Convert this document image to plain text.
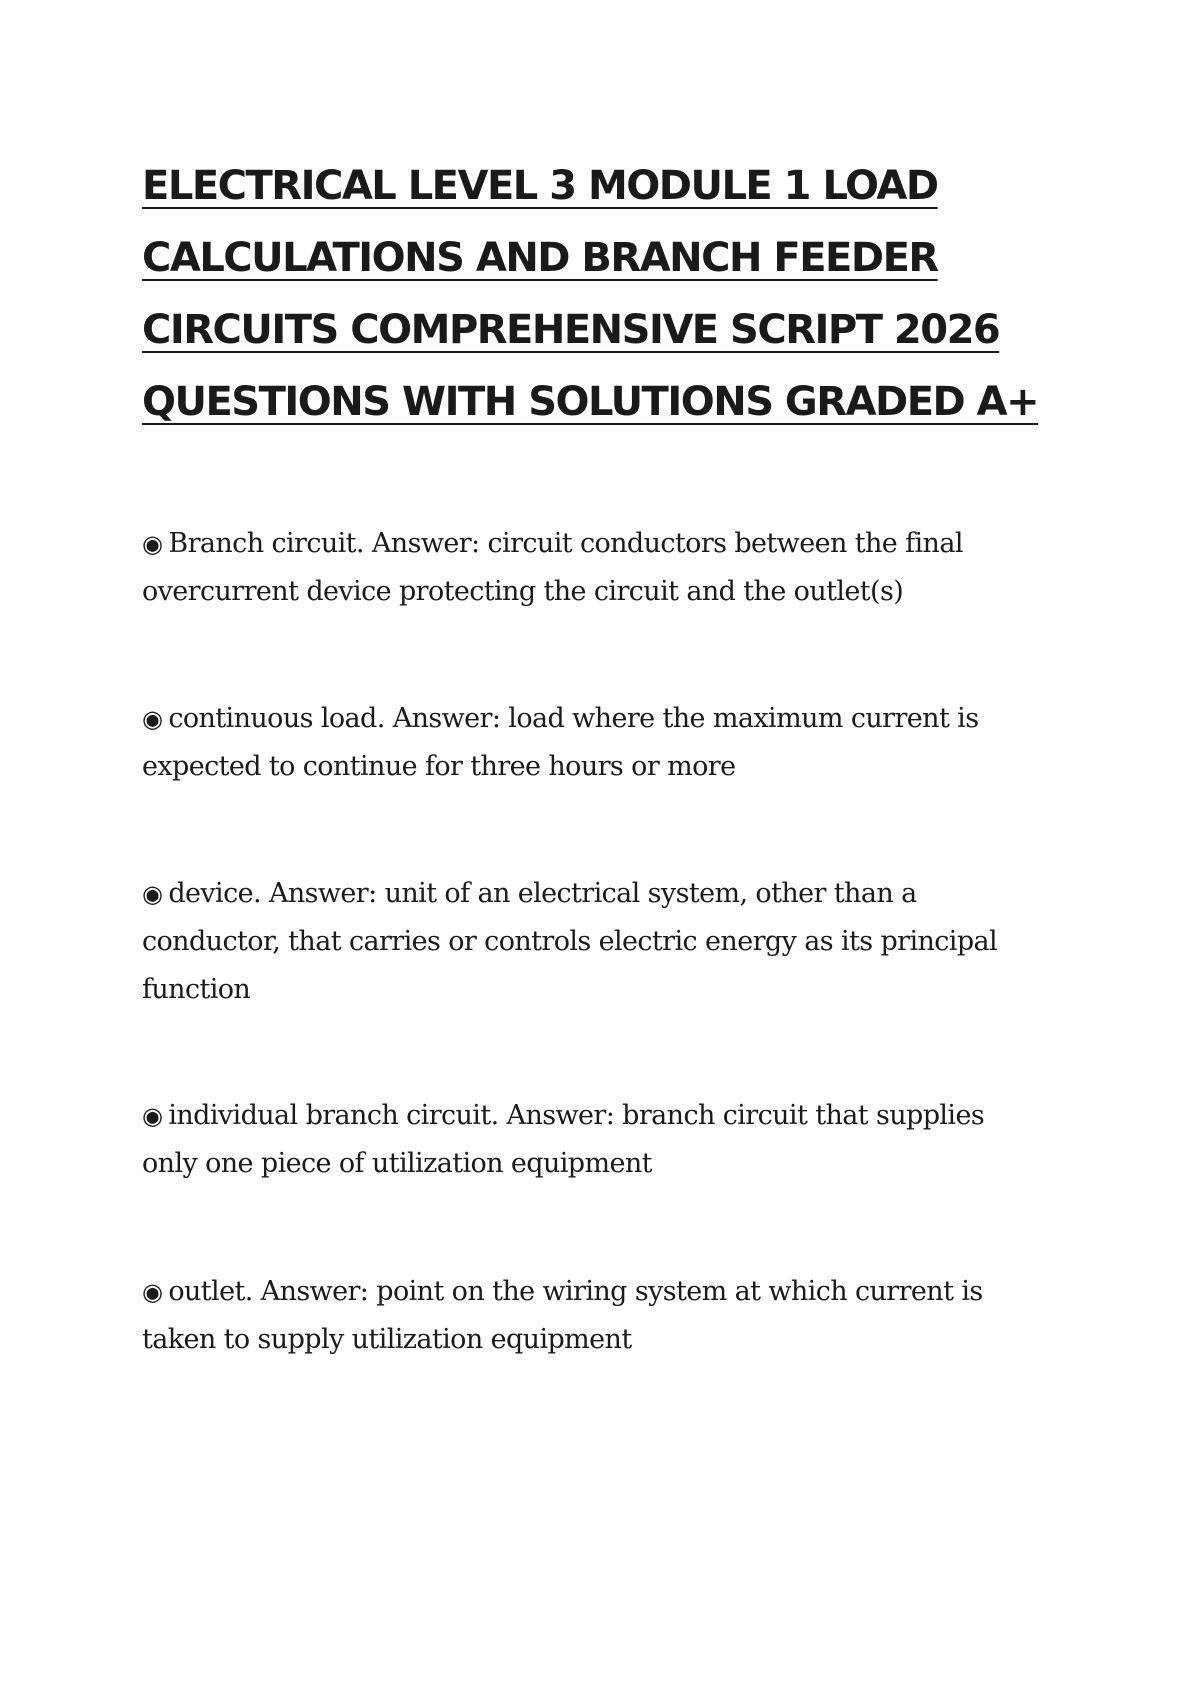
ELECTRICAL LEVEL 3 MODULE 1 LOAD
CALCULATIONS AND BRANCH FEEDER
CIRCUITS COMPREHENSIVE SCRIPT 2026
QUESTIONS WITH SOLUTIONS GRADED A+

◉ Branch circuit. Answer: circuit conductors between the final
overcurrent device protecting the circuit and the outlet(s)

◉ continuous load. Answer: load where the maximum current is
expected to continue for three hours or more

◉ device. Answer: unit of an electrical system, other than a
conductor, that carries or controls electric energy as its principal
function

◉ individual branch circuit. Answer: branch circuit that supplies
only one piece of utilization equipment

◉ outlet. Answer: point on the wiring system at which current is
taken to supply utilization equipment
